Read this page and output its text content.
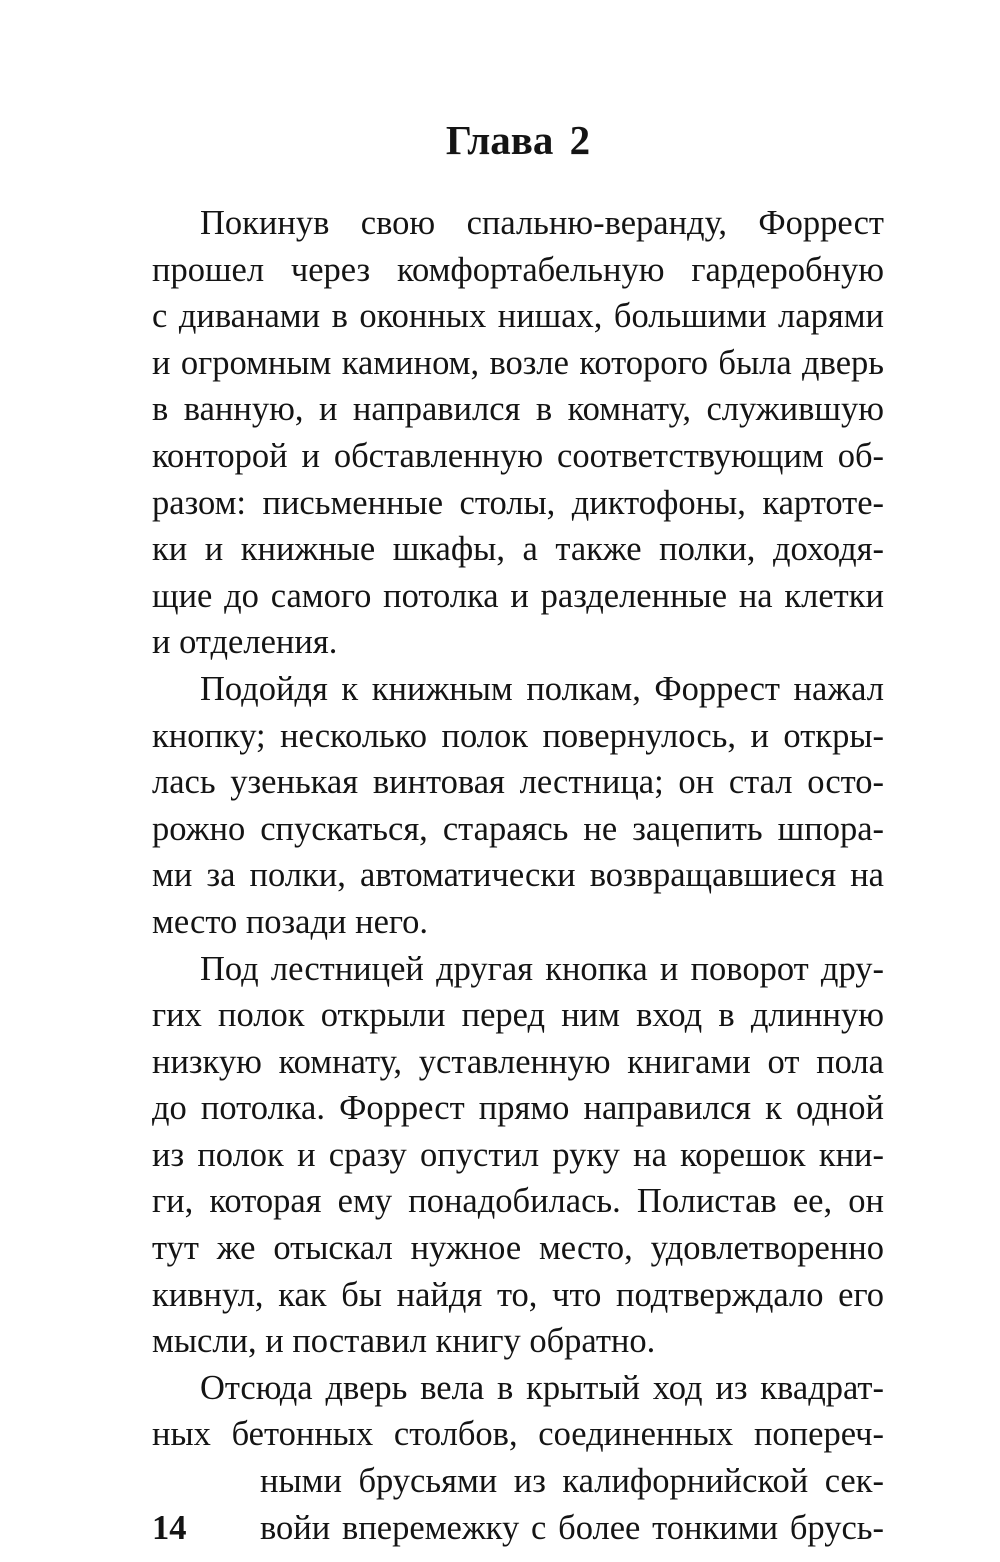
Глава 2
Покинув свою спальню-веранду, Форрест
прошел через комфортабельную гардеробную
с диванами в оконных нишах, большими ларями
и огромным камином, возле которого была дверь
в ванную, и направился в комнату, служившую
конторой и обставленную соответствующим об-
разом: письменные столы, диктофоны, картоте-
ки и книжные шкафы, а также полки, доходя-
щие до самого потолка и разделенные на клетки
и отделения.
Подойдя к книжным полкам, Форрест нажал
кнопку; несколько полок повернулось, и откры-
лась узенькая винтовая лестница; он стал осто-
рожно спускаться, стараясь не зацепить шпора-
ми за полки, автоматически возвращавшиеся на
место позади него.
Под лестницей другая кнопка и поворот дру-
гих полок открыли перед ним вход в длинную
низкую комнату, уставленную книгами от пола
до потолка. Форрест прямо направился к одной
из полок и сразу опустил руку на корешок кни-
ги, которая ему понадобилась. Полистав ее, он
тут же отыскал нужное место, удовлетворенно
кивнул, как бы найдя то, что подтверждало его
мысли, и поставил книгу обратно.
Отсюда дверь вела в крытый ход из квадрат-
ных бетонных столбов, соединенных попереч-
ными брусьями из калифорнийской сек-
14	войи вперемежку с более тонкими брусь-
